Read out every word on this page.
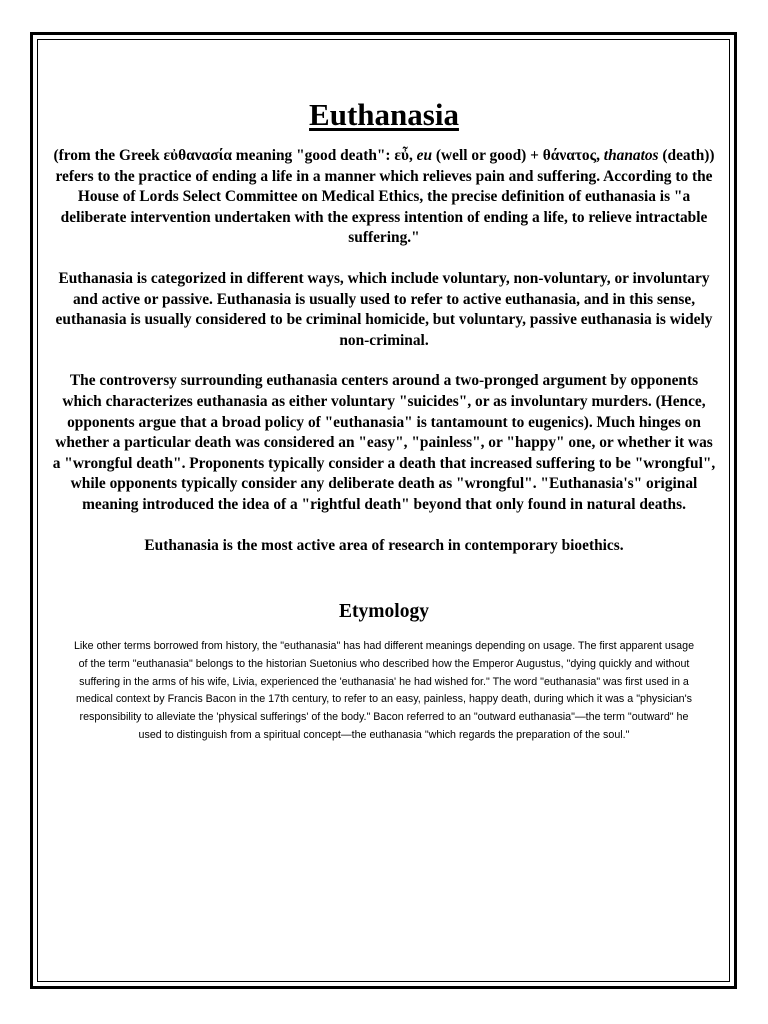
Euthanasia

(from the Greek εὐθανασία meaning "good death": εὖ, eu (well or good) + θάνατος, thanatos (death)) refers to the practice of ending a life in a manner which relieves pain and suffering. According to the House of Lords Select Committee on Medical Ethics, the precise definition of euthanasia is "a deliberate intervention undertaken with the express intention of ending a life, to relieve intractable suffering."

Euthanasia is categorized in different ways, which include voluntary, non-voluntary, or involuntary and active or passive. Euthanasia is usually used to refer to active euthanasia, and in this sense, euthanasia is usually considered to be criminal homicide, but voluntary, passive euthanasia is widely non-criminal.

The controversy surrounding euthanasia centers around a two-pronged argument by opponents which characterizes euthanasia as either voluntary "suicides", or as involuntary murders. (Hence, opponents argue that a broad policy of "euthanasia" is tantamount to eugenics). Much hinges on whether a particular death was considered an "easy", "painless", or "happy" one, or whether it was a "wrongful death". Proponents typically consider a death that increased suffering to be "wrongful", while opponents typically consider any deliberate death as "wrongful". "Euthanasia's" original meaning introduced the idea of a "rightful death" beyond that only found in natural deaths.

Euthanasia is the most active area of research in contemporary bioethics.

Etymology

Like other terms borrowed from history, the "euthanasia" has had different meanings depending on usage. The first apparent usage of the term "euthanasia" belongs to the historian Suetonius who described how the Emperor Augustus, "dying quickly and without suffering in the arms of his wife, Livia, experienced the 'euthanasia' he had wished for." The word "euthanasia" was first used in a medical context by Francis Bacon in the 17th century, to refer to an easy, painless, happy death, during which it was a "physician's responsibility to alleviate the 'physical sufferings' of the body." Bacon referred to an "outward euthanasia"—the term "outward" he used to distinguish from a spiritual concept—the euthanasia "which regards the preparation of the soul."
